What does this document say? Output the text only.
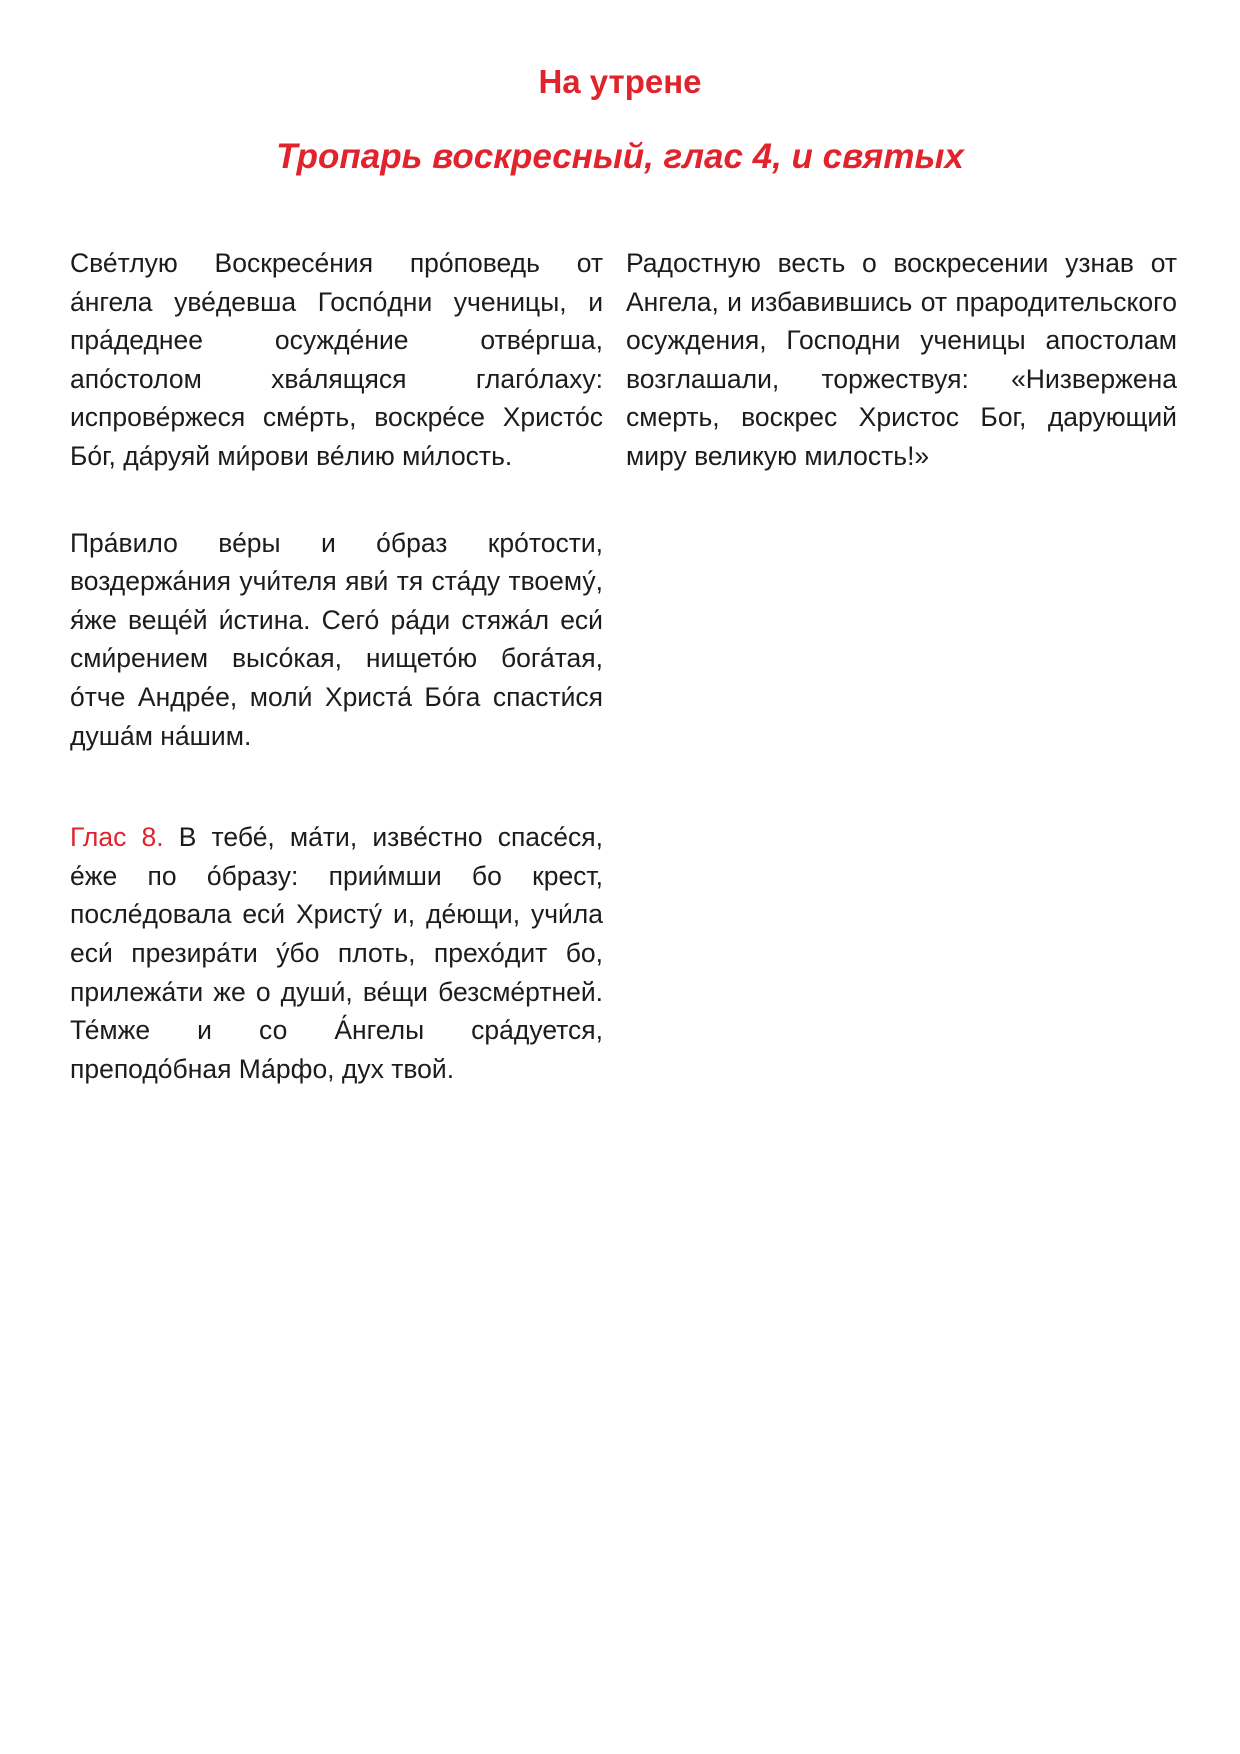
На утрене
Тропарь воскресный, глас 4, и святых

Све́тлую Воскресе́ния про́поведь от а́нгела уве́девша Госпо́дни ученицы, и пра́деднее осужде́ние отве́ргша, апо́столом хва́лящяся глаго́лаху: испрове́ржеся сме́рть, воскре́се Христо́с Бо́г, да́руяй ми́рови ве́лию ми́лость.

Пра́вило ве́ры и о́браз кро́тости, воздержа́ния учи́теля яви́ тя ста́ду твоему́, я́же веще́й и́стина. Сего́ ра́ди стяжа́л еси́ сми́рением высо́кая, нището́ю бога́тая, о́тче Андре́е, моли́ Христа́ Бо́га спасти́ся душа́м на́шим.

Глас 8. В тебе́, ма́ти, изве́стно спасе́ся, е́же по о́бразу: прии́мши бо крест, после́довала еси́ Христу́ и, де́ющи, учи́ла еси́ презира́ти у́бо плоть, прехо́дит бо, прилежа́ти же о души́, ве́щи безсме́ртней. Те́мже и со А́нгелы сра́дуется, преподо́бная Ма́рфо, дух твой.

Радостную весть о воскресении узнав от Ангела, и избавившись от прародительского осуждения, Господни ученицы апостолам возглашали, торжествуя: «Низвержена смерть, воскрес Христос Бог, дарующий миру великую милость!»
